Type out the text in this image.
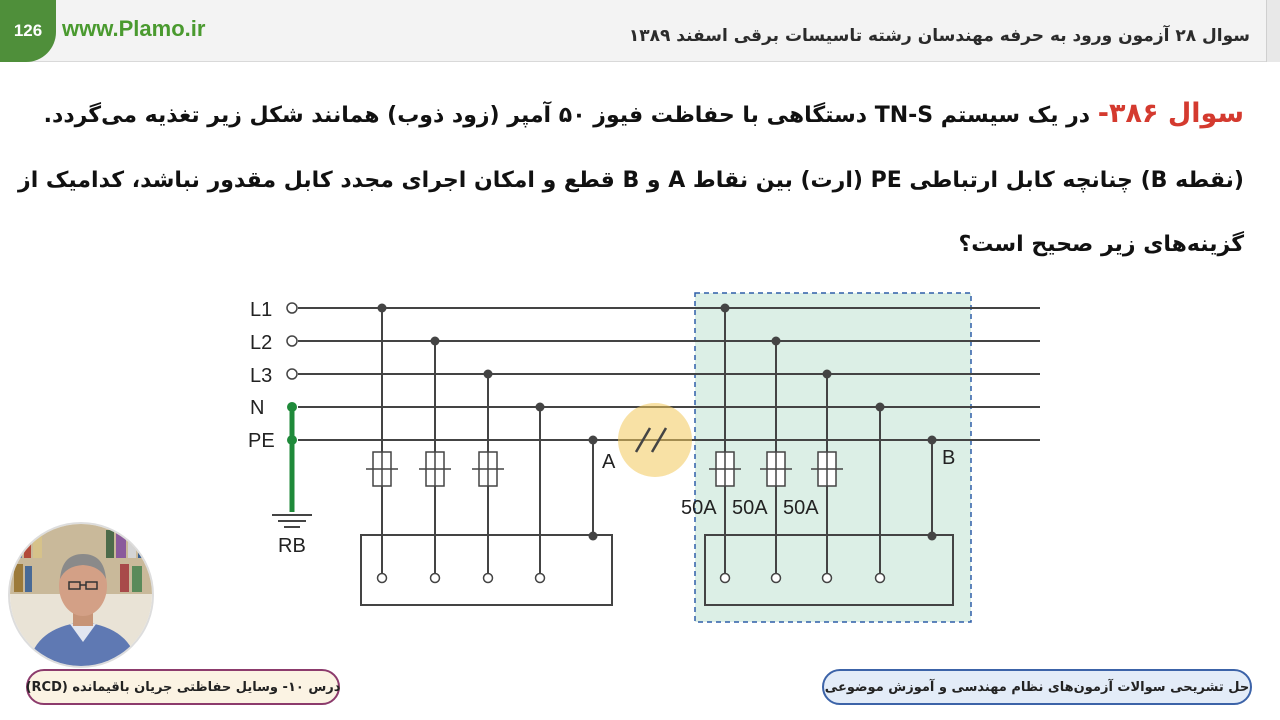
126 www.Plamo.ir	سوال ۲۸ آزمون ورود به حرفه مهندسان رشته تاسیسات برقی اسفند ۱۳۸۹
سوال ۳۸۶- در یک سیستم TN-S دستگاهی با حفاظت فیوز ۵۰ آمپر (زود ذوب) همانند شکل زیر تغذیه می‌گردد.
(نقطه B) چنانچه کابل ارتباطی PE (ارت) بین نقاط A و B قطع و امکان اجرای مجدد کابل مقدور نباشد، کدامیک از
گزینه‌های زیر صحیح است؟
L1
L2
L3
N
PE
RB
A
50A 50A 50A
B
درس ۱۰- وسایل حفاظتی جریان باقیمانده (RCD)	حل تشریحی سوالات آزمون‌های نظام مهندسی و آموزش موضوعی
